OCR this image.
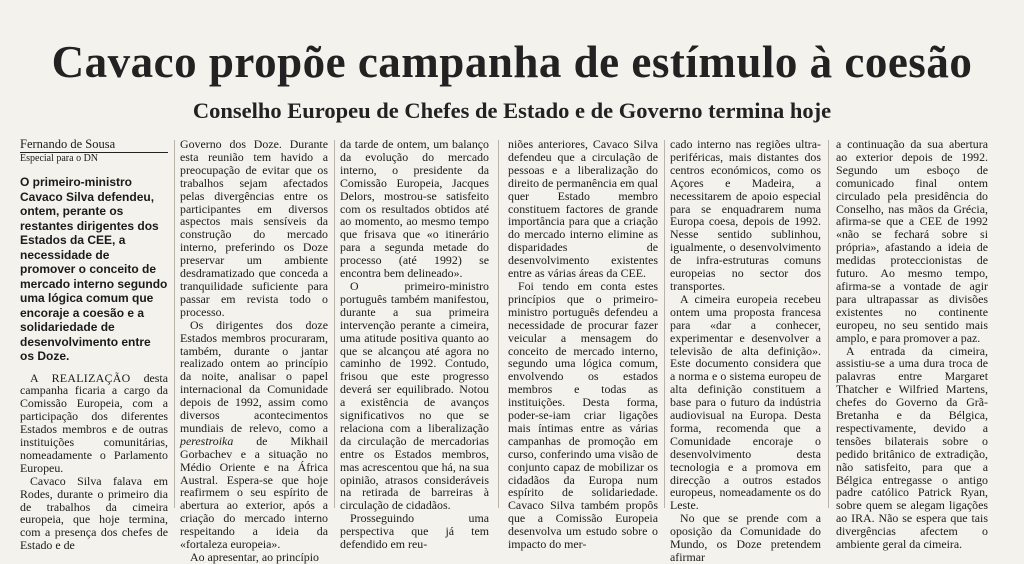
Cavaco propõe campanha de estímulo à coesão
Conselho Europeu de Chefes de Estado e de Governo termina hoje
Fernando de Sousa
Especial para o DN

O primeiro-ministro Cavaco Silva defendeu, ontem, perante os restantes dirigentes dos Estados da CEE, a necessidade de promover o conceito de mercado interno segundo uma lógica comum que encoraje a coesão e a solidariedade de desenvolvimento entre os Doze.

A REALIZAÇÃO desta campanha ficaria a cargo da Comissão Europeia, com a participação dos diferentes Estados membros e de outras instituições comunitárias, nomeadamente o Parlamento Europeu.

Cavaco Silva falava em Rodes, durante o primeiro dia de trabalhos da cimeira europeia, que hoje termina, com a presença dos chefes de Estado e de

Governo dos Doze. Durante esta reunião tem havido a preocupação de evitar que os trabalhos sejam afectados pelas divergências entre os participantes em diversos aspectos mais sensíveis da construção do mercado interno, preferindo os Doze preservar um ambiente desdramatizado que conceda a tranquilidade suficiente para passar em revista todo o processo.

Os dirigentes dos doze Estados membros procuraram, também, durante o jantar realizado ontem ao princípio da noite, analisar o papel internacional da Comunidade depois de 1992, assim como diversos acontecimentos mundiais de relevo, como a perestroika de Mikhail Gorbachev e a situação no Médio Oriente e na África Austral. Espera-se que hoje reafirmem o seu espírito de abertura ao exterior, após a criação do mercado interno respeitando a ideia da «fortaleza europeia».

Ao apresentar, ao princípio

da tarde de ontem, um balanço da evolução do mercado interno, o presidente da Comissão Europeia, Jacques Delors, mostrou-se satisfeito com os resultados obtidos até ao momento, ao mesmo tempo que frisava que «o itinerário para a segunda metade do processo (até 1992) se encontra bem delineado».

O primeiro-ministro português também manifestou, durante a sua primeira intervenção perante a cimeira, uma atitude positiva quanto ao que se alcançou até agora no caminho de 1992. Contudo, frisou que este progresso deverá ser equilibrado. Notou a existência de avanços significativos no que se relaciona com a liberalização da circulação de mercadorias entre os Estados membros, mas acrescentou que há, na sua opinião, atrasos consideráveis na retirada de barreiras à circulação de cidadãos.

Prosseguindo uma perspectiva que já tem defendido em reu-

niões anteriores, Cavaco Silva defendeu que a circulação de pessoas e a liberalização do direito de permanência em qual quer Estado membro constituem factores de grande importância para que a criação do mercado interno elimine as disparidades de desenvolvimento existentes entre as várias áreas da CEE.

Foi tendo em conta estes princípios que o primeiro-ministro português defendeu a necessidade de procurar fazer veicular a mensagem do conceito de mercado interno, segundo uma lógica comum, envolvendo os estados membros e todas as instituições. Desta forma, poder-se-iam criar ligações mais íntimas entre as várias campanhas de promoção em curso, conferindo uma visão de conjunto capaz de mobilizar os cidadãos da Europa num espírito de solidariedade. Cavaco Silva também propôs que a Comissão Europeia desenvolva um estudo sobre o impacto do mer-

cado interno nas regiões ultra-periféricas, mais distantes dos centros económicos, como os Açores e Madeira, a necessitarem de apoio especial para se enquadrarem numa Europa coesa, depois de 1992. Nesse sentido sublinhou, igualmente, o desenvolvimento de infra-estruturas comuns europeias no sector dos transportes.

A cimeira europeia recebeu ontem uma proposta francesa para «dar a conhecer, experimentar e desenvolver a televisão de alta definição». Este documento considera que a norma e o sistema europeu de alta definição constituem a base para o futuro da indústria audiovisual na Europa. Desta forma, recomenda que a Comunidade encoraje o desenvolvimento desta tecnologia e a promova em direcção a outros estados europeus, nomeadamente os do Leste.

No que se prende com a oposição da Comunidade do Mundo, os Doze pretendem afirmar

a continuação da sua abertura ao exterior depois de 1992. Segundo um esboço de comunicado final ontem circulado pela presidência do Conselho, nas mãos da Grécia, afirma-se que a CEE de 1992 «não se fechará sobre si própria», afastando a ideia de medidas proteccionistas de futuro. Ao mesmo tempo, afirma-se a vontade de agir para ultrapassar as divisões existentes no continente europeu, no seu sentido mais amplo, e para promover a paz.

A entrada da cimeira, assistiu-se a uma dura troca de palavras entre Margaret Thatcher e Wilfried Martens, chefes do Governo da Grã-Bretanha e da Bélgica, respectivamente, devido a tensões bilaterais sobre o pedido britânico de extradição, não satisfeito, para que a Bélgica entregasse o antigo padre católico Patrick Ryan, sobre quem se alegam ligações ao IRA. Não se espera que tais divergências afectem o ambiente geral da cimeira.
